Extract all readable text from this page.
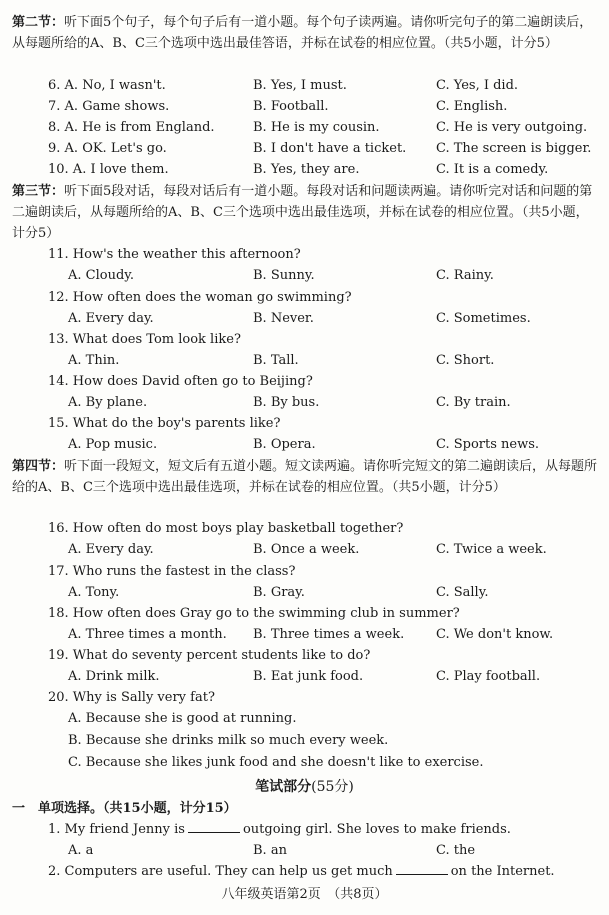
第二节：听下面5个句子，每个句子后有一道小题。每个句子读两遍。请你听完句子的第二遍朗读后，从每题所给的A、B、C三个选项中选出最佳答语，并标在试卷的相应位置。（共5小题，计分5）
6. A. No, I wasn't.	B. Yes, I must.	C. Yes, I did.
7. A. Game shows.	B. Football.	C. English.
8. A. He is from England.	B. He is my cousin.	C. He is very outgoing.
9. A. OK. Let's go.	B. I don't have a ticket. C. The screen is bigger.
10. A. I love them.	B. Yes, they are.	C. It is a comedy.
第三节：听下面5段对话，每段对话后有一道小题。每段对话和问题读两遍。请你听完对话和问题的第二遍朗读后，从每题所给的A、B、C三个选项中选出最佳选项，并标在试卷的相应位置。（共5小题，计分5）
11. How's the weather this afternoon?
A. Cloudy.	B. Sunny.	C. Rainy.
12. How often does the woman go swimming?
A. Every day.	B. Never.	C. Sometimes.
13. What does Tom look like?
A. Thin.	B. Tall.	C. Short.
14. How does David often go to Beijing?
A. By plane.	B. By bus.	C. By train.
15. What do the boy's parents like?
A. Pop music.	B. Opera.	C. Sports news.
第四节：听下面一段短文，短文后有五道小题。短文读两遍。请你听完短文的第二遍朗读后，从每题所给的A、B、C三个选项中选出最佳选项，并标在试卷的相应位置。（共5小题，计分5）
16. How often do most boys play basketball together?
A. Every day.	B. Once a week.	C. Twice a week.
17. Who runs the fastest in the class?
A. Tony.	B. Gray.	C. Sally.
18. How often does Gray go to the swimming club in summer?
A. Three times a month. B. Three times a week. C. We don't know.
19. What do seventy percent students like to do?
A. Drink milk.	B. Eat junk food.	C. Play football.
20. Why is Sally very fat?
A. Because she is good at running.
B. Because she drinks milk so much every week.
C. Because she likes junk food and she doesn't like to exercise.
笔试部分(55分)
一　单项选择。（共15小题，计分15）
1. My friend Jenny is	outgoing girl. She loves to make friends.
A. a	B. an	C. the
2. Computers are useful. They can help us get much	on the Internet.
八年级英语第2页　（共8页）
